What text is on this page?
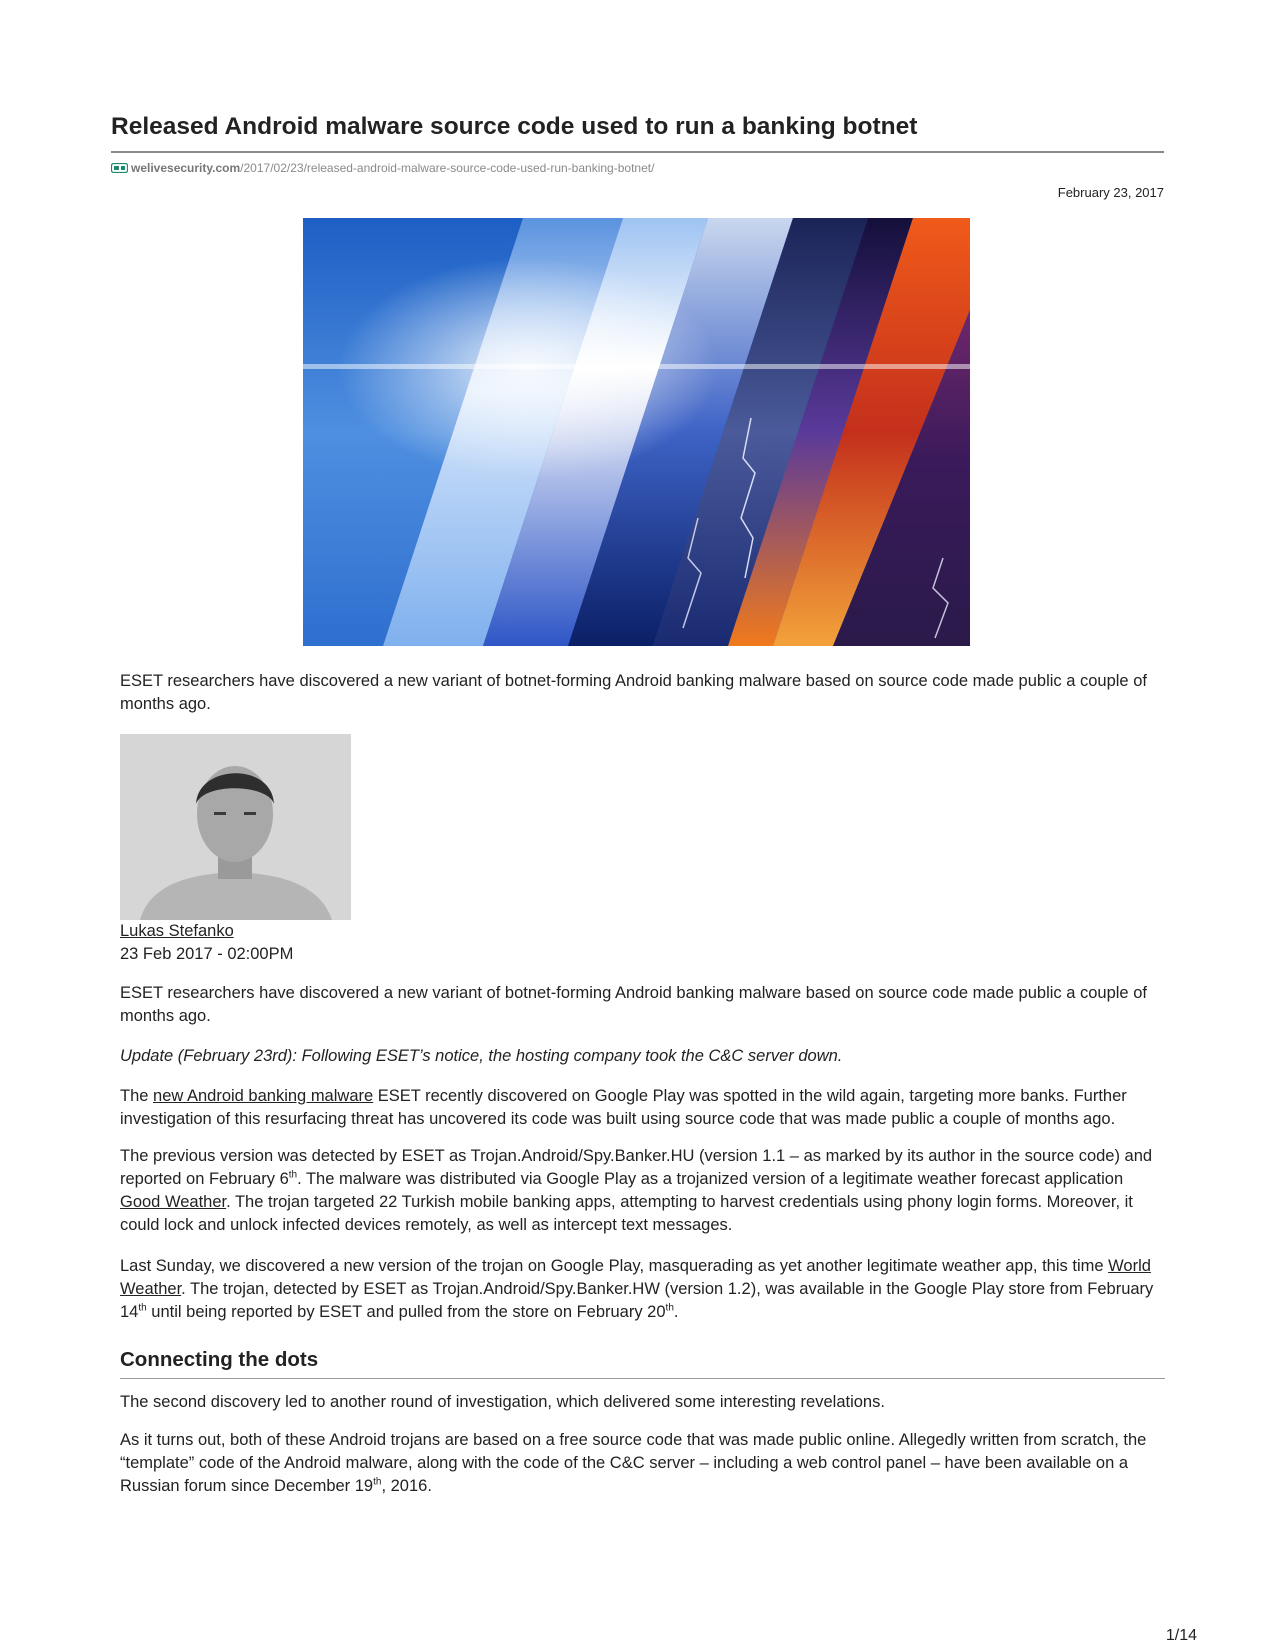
Released Android malware source code used to run a banking botnet
welivesecurity.com /2017/02/23/released-android-malware-source-code-used-run-banking-botnet/
February 23, 2017

ESET researchers have discovered a new variant of botnet-forming Android banking malware based on source code made public a couple of months ago.

Lukas Stefanko
23 Feb 2017 - 02:00PM

ESET researchers have discovered a new variant of botnet-forming Android banking malware based on source code made public a couple of months ago.

Update (February 23rd): Following ESET’s notice, the hosting company took the C&C server down.

The new Android banking malware ESET recently discovered on Google Play was spotted in the wild again, targeting more banks. Further investigation of this resurfacing threat has uncovered its code was built using source code that was made public a couple of months ago.

The previous version was detected by ESET as Trojan.Android/Spy.Banker.HU (version 1.1 – as marked by its author in the source code) and reported on February 6th. The malware was distributed via Google Play as a trojanized version of a legitimate weather forecast application Good Weather. The trojan targeted 22 Turkish mobile banking apps, attempting to harvest credentials using phony login forms. Moreover, it could lock and unlock infected devices remotely, as well as intercept text messages.

Last Sunday, we discovered a new version of the trojan on Google Play, masquerading as yet another legitimate weather app, this time World Weather. The trojan, detected by ESET as Trojan.Android/Spy.Banker.HW (version 1.2), was available in the Google Play store from February 14th until being reported by ESET and pulled from the store on February 20th.

Connecting the dots

The second discovery led to another round of investigation, which delivered some interesting revelations.

As it turns out, both of these Android trojans are based on a free source code that was made public online. Allegedly written from scratch, the “template” code of the Android malware, along with the code of the C&C server – including a web control panel – have been available on a Russian forum since December 19th, 2016.

1/14
